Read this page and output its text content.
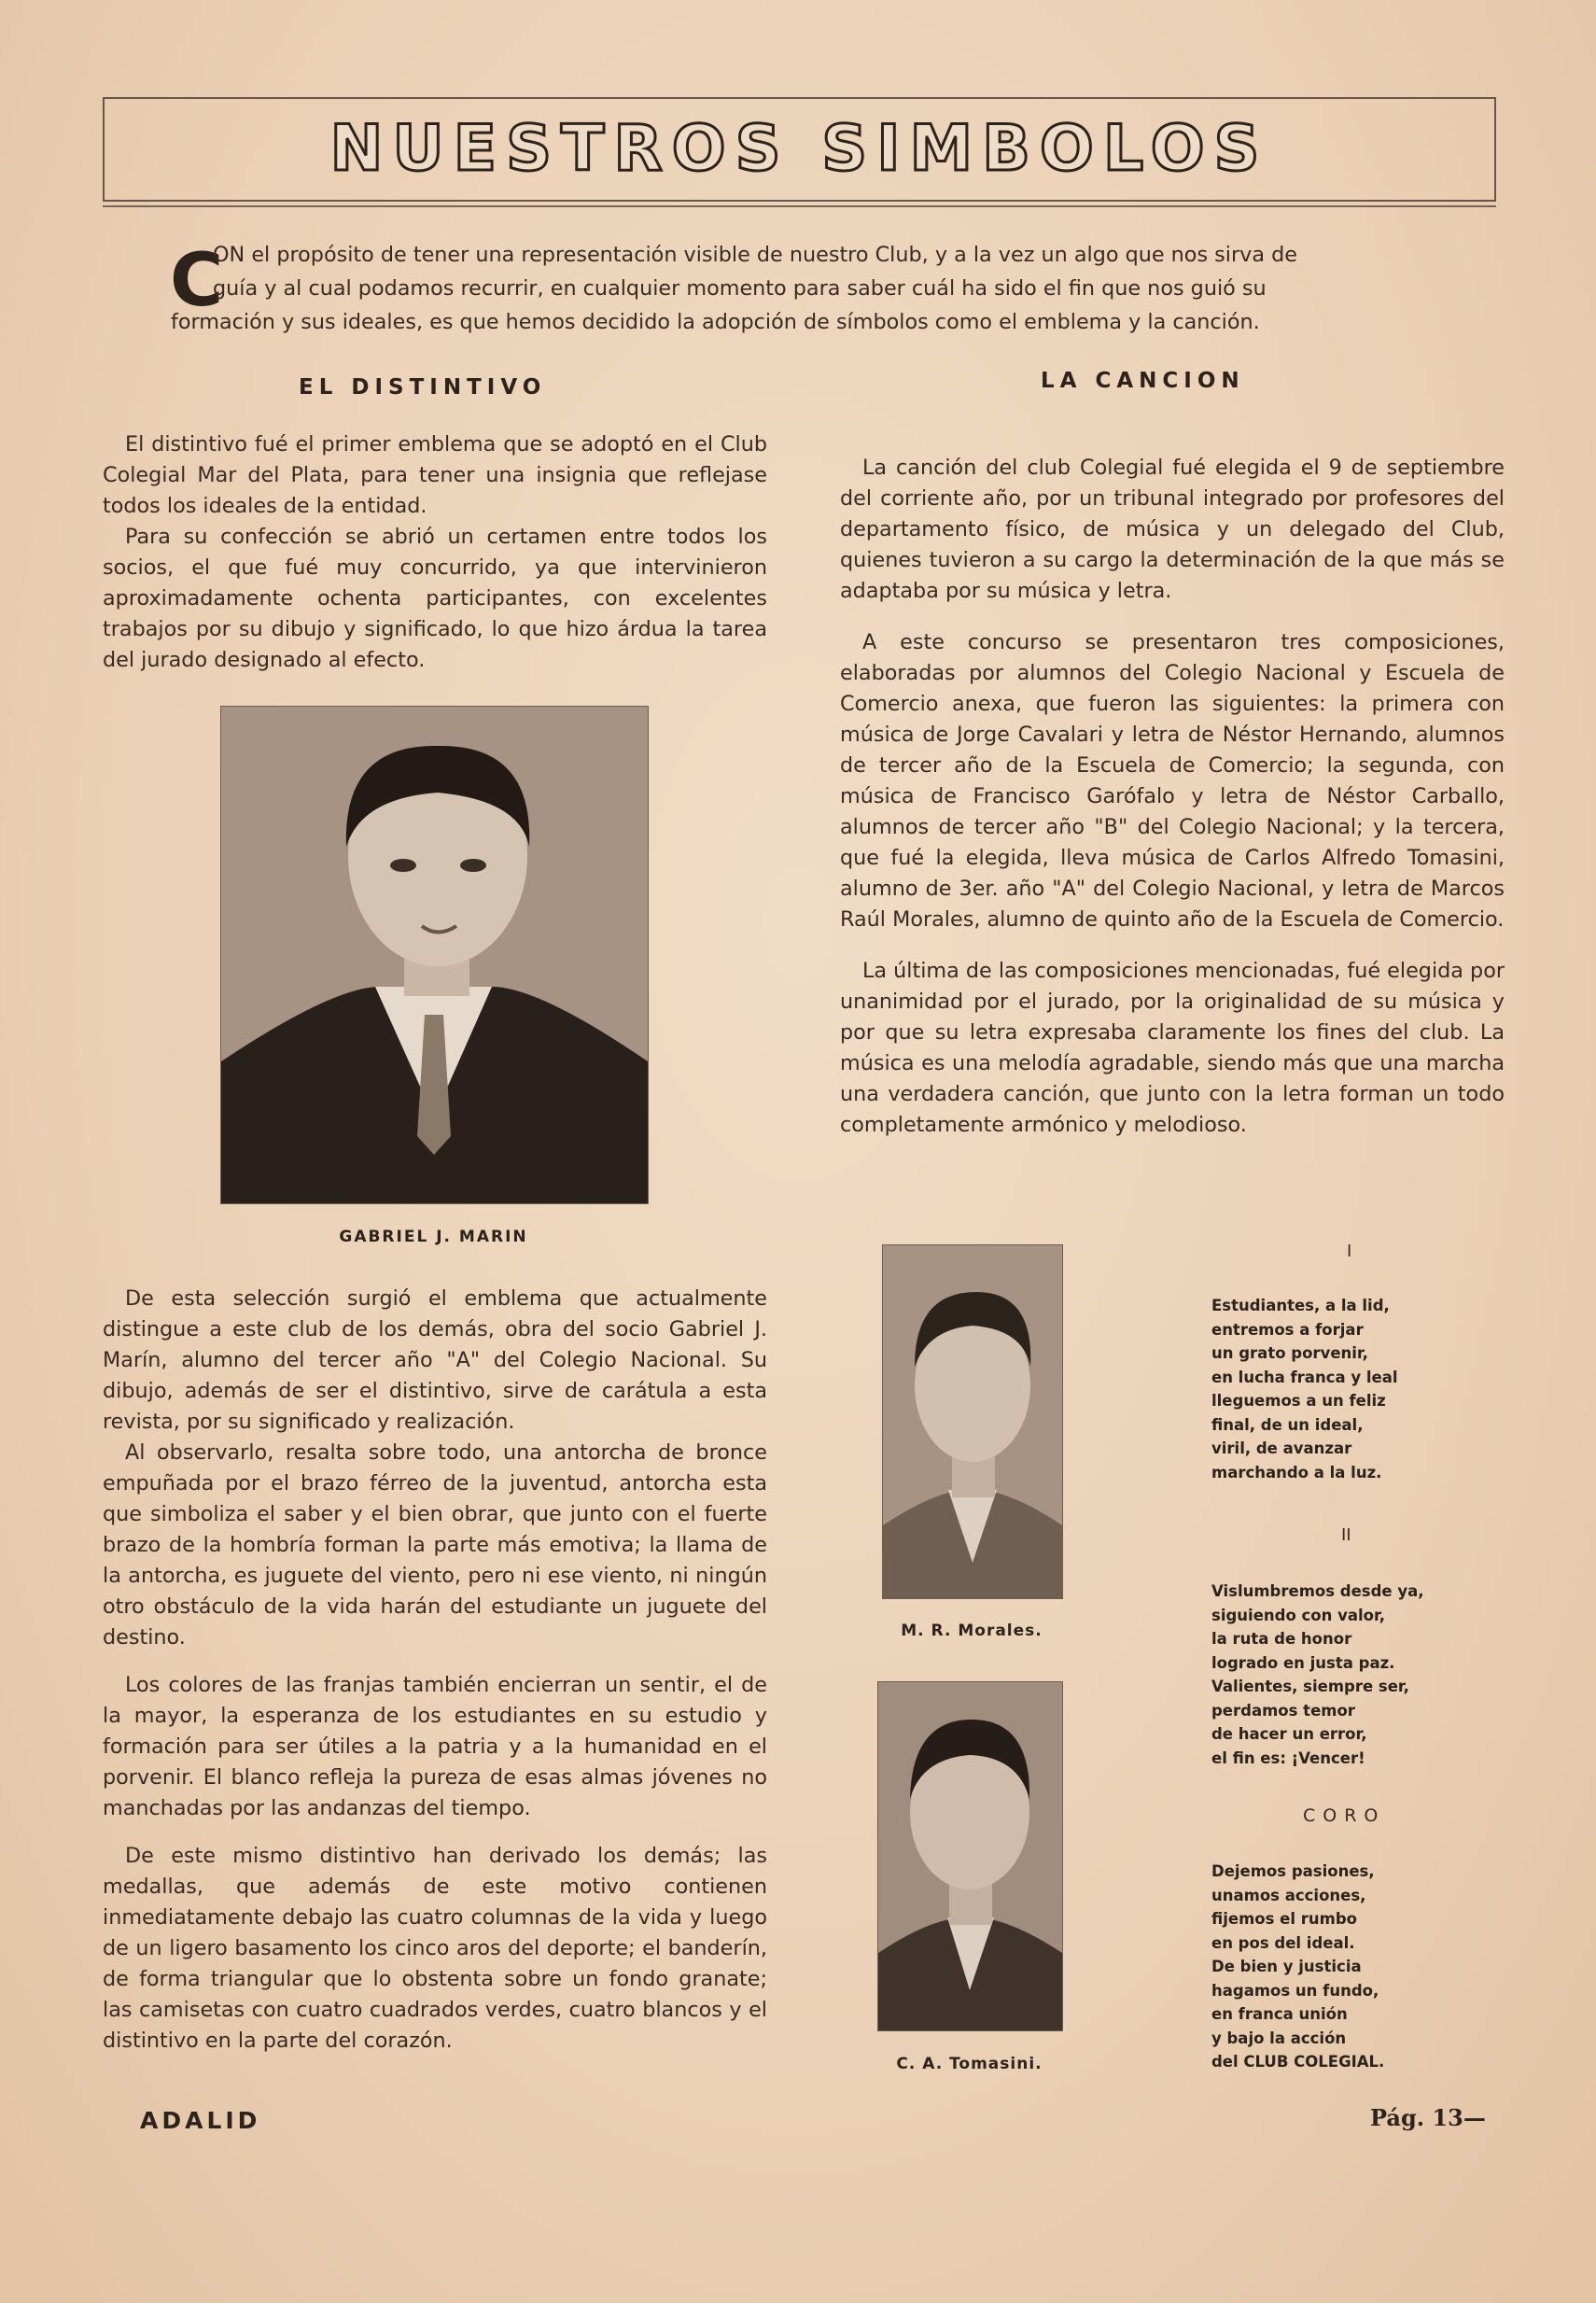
NUESTROS SIMBOLOS
C
ON el propósito de tener una representación visible de nuestro Club, y a la vez un algo que nos sirva de
guía y al cual podamos recurrir, en cualquier momento para saber cuál ha sido el fin que nos guió su
formación y sus ideales, es que hemos decidido la adopción de símbolos como el emblema y la canción.
EL DISTINTIVO

El distintivo fué el primer emblema que se adoptó en el Club Colegial Mar del Plata, para tener una insignia que reflejase todos los ideales de la entidad.

Para su confección se abrió un certamen entre todos los socios, el que fué muy concurrido, ya que intervinieron aproximadamente ochenta participantes, con excelentes trabajos por su dibujo y significado, lo que hizo árdua la tarea del jurado designado al efecto.

GABRIEL J. MARIN

De esta selección surgió el emblema que actualmente distingue a este club de los demás, obra del socio Gabriel J. Marín, alumno del tercer año "A" del Colegio Nacional. Su dibujo, además de ser el distintivo, sirve de carátula a esta revista, por su significado y realización.

Al observarlo, resalta sobre todo, una antorcha de bronce empuñada por el brazo férreo de la juventud, antorcha esta que simboliza el saber y el bien obrar, que junto con el fuerte brazo de la hombría forman la parte más emotiva; la llama de la antorcha, es juguete del viento, pero ni ese viento, ni ningún otro obstáculo de la vida harán del estudiante un juguete del destino.

Los colores de las franjas también encierran un sentir, el de la mayor, la esperanza de los estudiantes en su estudio y formación para ser útiles a la patria y a la humanidad en el porvenir. El blanco refleja la pureza de esas almas jóvenes no manchadas por las andanzas del tiempo.

De este mismo distintivo han derivado los demás; las medallas, que además de este motivo contienen inmediatamente debajo las cuatro columnas de la vida y luego de un ligero basamento los cinco aros del deporte; el banderín, de forma triangular que lo obstenta sobre un fondo granate; las camisetas con cuatro cuadrados verdes, cuatro blancos y el distintivo en la parte del corazón.

LA CANCION

La canción del club Colegial fué elegida el 9 de septiembre del corriente año, por un tribunal integrado por profesores del departamento físico, de música y un delegado del Club, quienes tuvieron a su cargo la determinación de la que más se adaptaba por su música y letra.

A este concurso se presentaron tres composiciones, elaboradas por alumnos del Colegio Nacional y Escuela de Comercio anexa, que fueron las siguientes: la primera con música de Jorge Cavalari y letra de Néstor Hernando, alumnos de tercer año de la Escuela de Comercio; la segunda, con música de Francisco Garófalo y letra de Néstor Carballo, alumnos de tercer año "B" del Colegio Nacional; y la tercera, que fué la elegida, lleva música de Carlos Alfredo Tomasini, alumno de 3er. año "A" del Colegio Nacional, y letra de Marcos Raúl Morales, alumno de quinto año de la Escuela de Comercio.

La última de las composiciones mencionadas, fué elegida por unanimidad por el jurado, por la originalidad de su música y por que su letra expresaba claramente los fines del club. La música es una melodía agradable, siendo más que una marcha una verdadera canción, que junto con la letra forman un todo completamente armónico y melodioso.

M. R. Morales.
C. A. Tomasini.
I
Estudiantes, a la lid,
entremos a forjar
un grato porvenir,
en lucha franca y leal
lleguemos a un feliz
final, de un ideal,
viril, de avanzar
marchando a la luz.
II
Vislumbremos desde ya,
siguiendo con valor,
la ruta de honor
logrado en justa paz.
Valientes, siempre ser,
perdamos temor
de hacer un error,
el fin es: ¡Vencer!
CORO
Dejemos pasiones,
unamos acciones,
fijemos el rumbo
en pos del ideal.
De bien y justicia
hagamos un fundo,
en franca unión
y bajo la acción
del CLUB COLEGIAL.
ADALID	Pág. 13—
